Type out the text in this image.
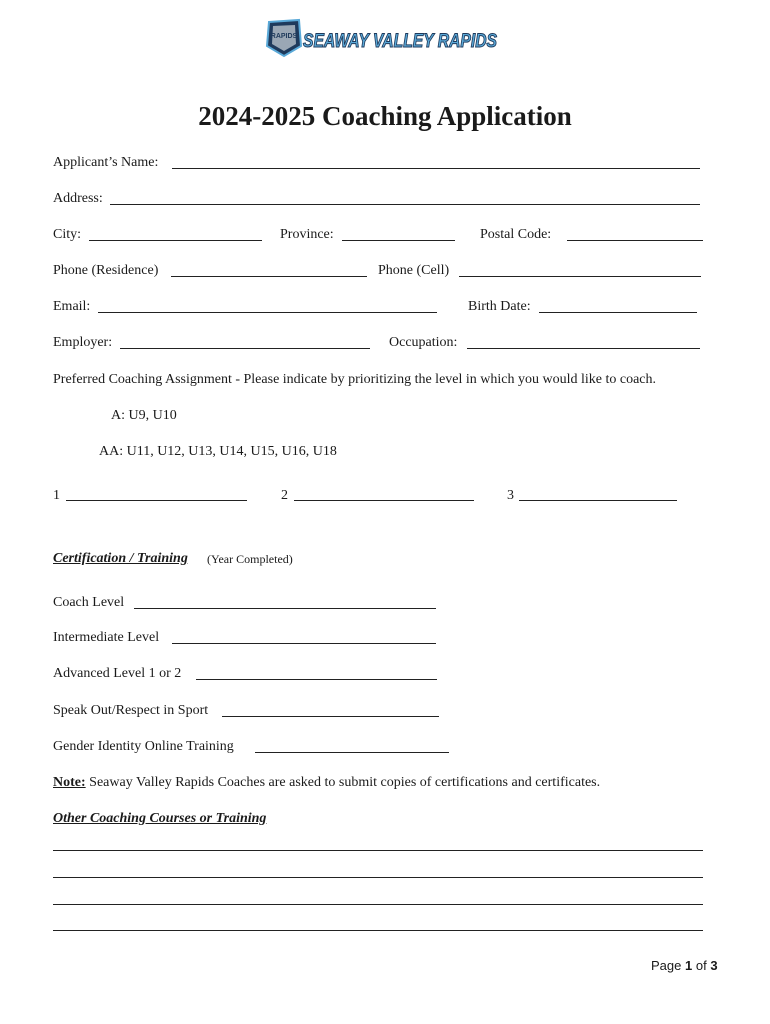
RAPIDS SEAWAY VALLEY RAPIDS
2024-2025 Coaching Application
Applicant’s Name:
Address:
City:	Province:	Postal Code:
Phone (Residence)	Phone (Cell)
Email:	Birth Date:
Employer:	Occupation:
Preferred Coaching Assignment - Please indicate by prioritizing the level in which you would like to coach.
A: U9, U10
AA: U11, U12, U13, U14, U15, U16, U18
1	2	3
Certification / Training (Year Completed)
Coach Level
Intermediate Level
Advanced Level 1 or 2
Speak Out/Respect in Sport
Gender Identity Online Training
Note: Seaway Valley Rapids Coaches are asked to submit copies of certifications and certificates.
Other Coaching Courses or Training
Page 1 of 3
